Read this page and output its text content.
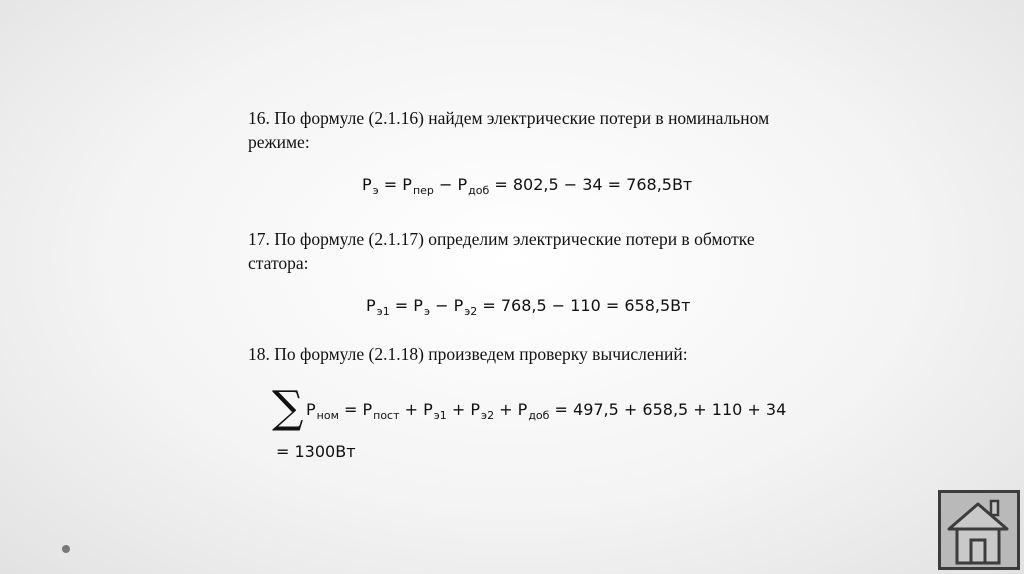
16. По формуле (2.1.16) найдем электрические потери в номинальном режиме:

$P_э = P_{пер} - P_{доб} = 802,5 - 34 = 768,5Вт$

17. По формуле (2.1.17) определим электрические потери в обмотке статора:

$P_{э1} = P_э - P_{э2} = 768,5 - 110 = 658,5Вт$

18. По формуле (2.1.18) произведем проверку вычислений:

∑ $P_{ном} = P_{пост} + P_{э1} + P_{э2} + P_{доб} = 497,5 + 658,5 + 110 + 34$
= 1300Вт
